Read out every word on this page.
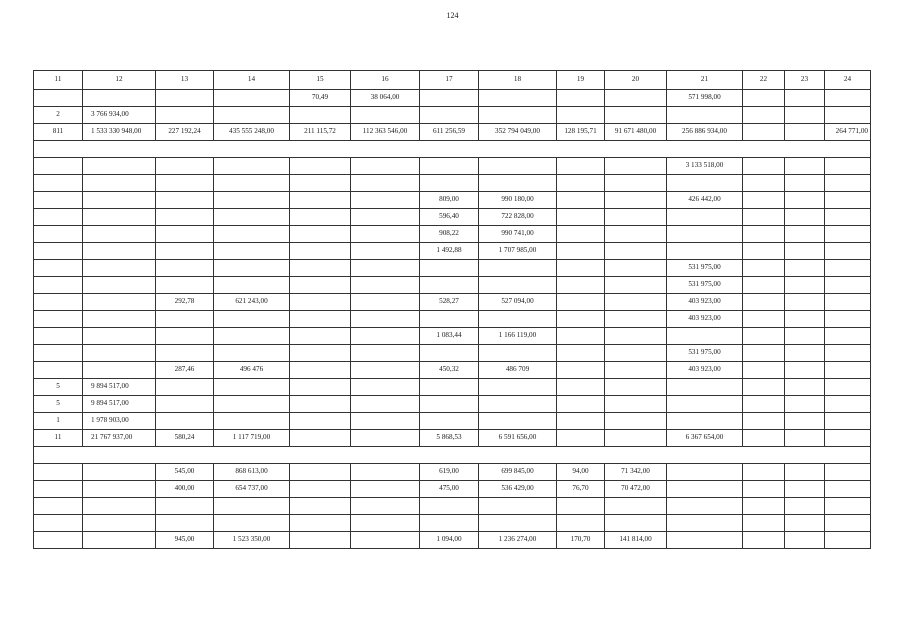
124
11	12	13	14	15	16	17	18	19	20	21	22	23	24
				70,49	38 064,00					571 998,00			
2	3 766 934,00												
811	1 533 330 948,00	227 192,24	435 555 248,00	211 115,72	112 363 546,00	611 256,59	352 794 049,00	128 195,71	91 671 480,00	256 886 934,00			264 771,00

										3 133 518,00			

						809,00	990 180,00			426 442,00			
						596,40	722 828,00						
						908,22	990 741,00						
						1 492,88	1 707 985,00						
										531 975,00			
										531 975,00			
		292,78	621 243,00			528,27	527 094,00			403 923,00			
										403 923,00			
						1 083,44	1 166 119,00						
										531 975,00			
		287,46	496 476			450,32	486 709			403 923,00			
5	9 894 517,00												
5	9 894 517,00												
1	1 978 903,00												
11	21 767 937,00	580,24	1 117 719,00			5 868,53	6 591 656,00			6 367 654,00			

		545,00	868 613,00			619,00	699 845,00	94,00	71 342,00				
		400,00	654 737,00			475,00	536 429,00	76,70	70 472,00				

		945,00	1 523 350,00			1 094,00	1 236 274,00	170,70	141 814,00				
